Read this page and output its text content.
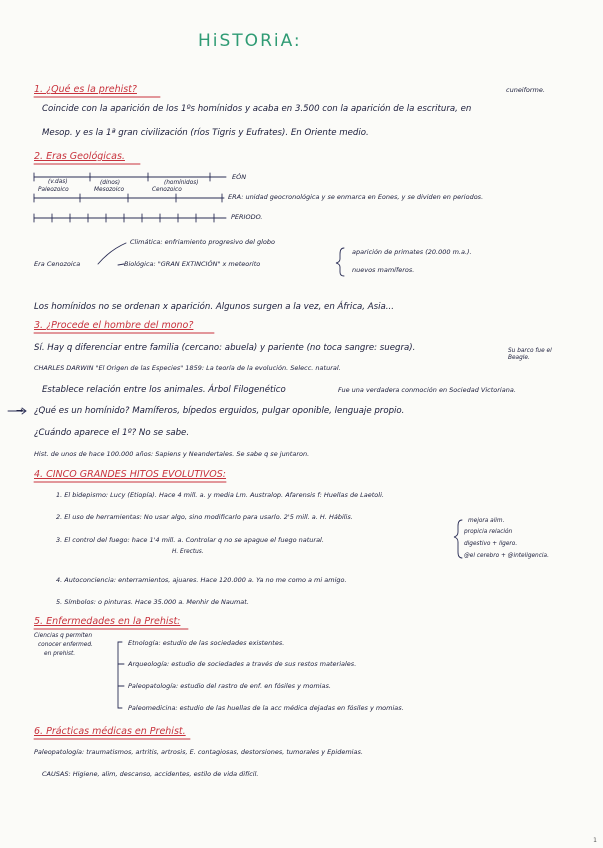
HiSTORiA:
1. ¿Qué es la prehist?	cuneiforme.
Coincide con la aparición de los 1ºs homínidos y acaba en 3.500 con la aparición de la escritura, en
Mesop. y es la 1ª gran civilización (ríos Tigris y Eufrates). En Oriente medio.
2. Eras Geológicas.
(v.das)	(dinos)	(homínidos)
Paleozoico	Mesozoico	Cenozoico
EÓN
ERA: unidad geocronológica y se enmarca en Eones, y se dividen en periodos.
PERIODO.
Era Cenozoica
Climática: enfriamiento progresivo del globo
Biológica: "GRAN EXTINCIÓN" x meteorito
aparición de primates (20.000 m.a.).
nuevos mamíferos.
Los homínidos no se ordenan x aparición. Algunos surgen a la vez, en África, Asia...
3. ¿Procede el hombre del mono?
Sí. Hay q diferenciar entre familia (cercano: abuela) y pariente (no toca sangre: suegra).
CHARLES DARWIN "El Origen de las Especies" 1859: La teoría de la evolución. Selecc. natural.
Su barco fue el Beagle.
Establece relación entre los animales. Árbol Filogenético	Fue una verdadera conmoción en Sociedad Victoriana.
→ ¿Qué es un homínido? Mamíferos, bípedos erguidos, pulgar oponible, lenguaje propio.
¿Cuándo aparece el 1º? No se sabe.
Hist. de unos de hace 100.000 años: Sapiens y Neandertales. Se sabe q se juntaron.
4. CINCO GRANDES HITOS EVOLUTIVOS:
1. El bidepismo: Lucy (Etiopía). Hace 4 mill. a. y media Lm. Australop. Afarensis f: Huellas de Laetoli.
2. El uso de herramientas: No usar algo, sino modificarlo para usarlo. 2'5 mill. a. H. Hábilis.
3. El control del fuego: hace 1'4 mill. a. Controlar q no se apague el fuego natural.
H. Erectus.
mejora alim.
propicia relación
digestivo + ligero.
@el cerebro + @inteligencia.
4. Autoconciencia: enterramientos, ajuares. Hace 120.000 a. Ya no me como a mi amigo.
5. Símbolos: o pinturas. Hace 35.000 a. Menhir de Naumat.
5. Enfermedades en la Prehist:
Ciencias q permiten
conocer enfermed.
en prehist.
Etnología: estudio de las sociedades existentes.
Arqueología: estudio de sociedades a través de sus restos materiales.
Paleopatología: estudio del rastro de enf. en fósiles y momias.
Paleomedicina: estudio de las huellas de la acc médica dejadas en fósiles y momias.
6. Prácticas médicas en Prehist.
Paleopatología: traumatismos, artritis, artrosis, E. contagiosas, destorsiones, tumorales y Epidemias.
CAUSAS: Higiene, alim, descanso, accidentes, estilo de vida difícil.
1
